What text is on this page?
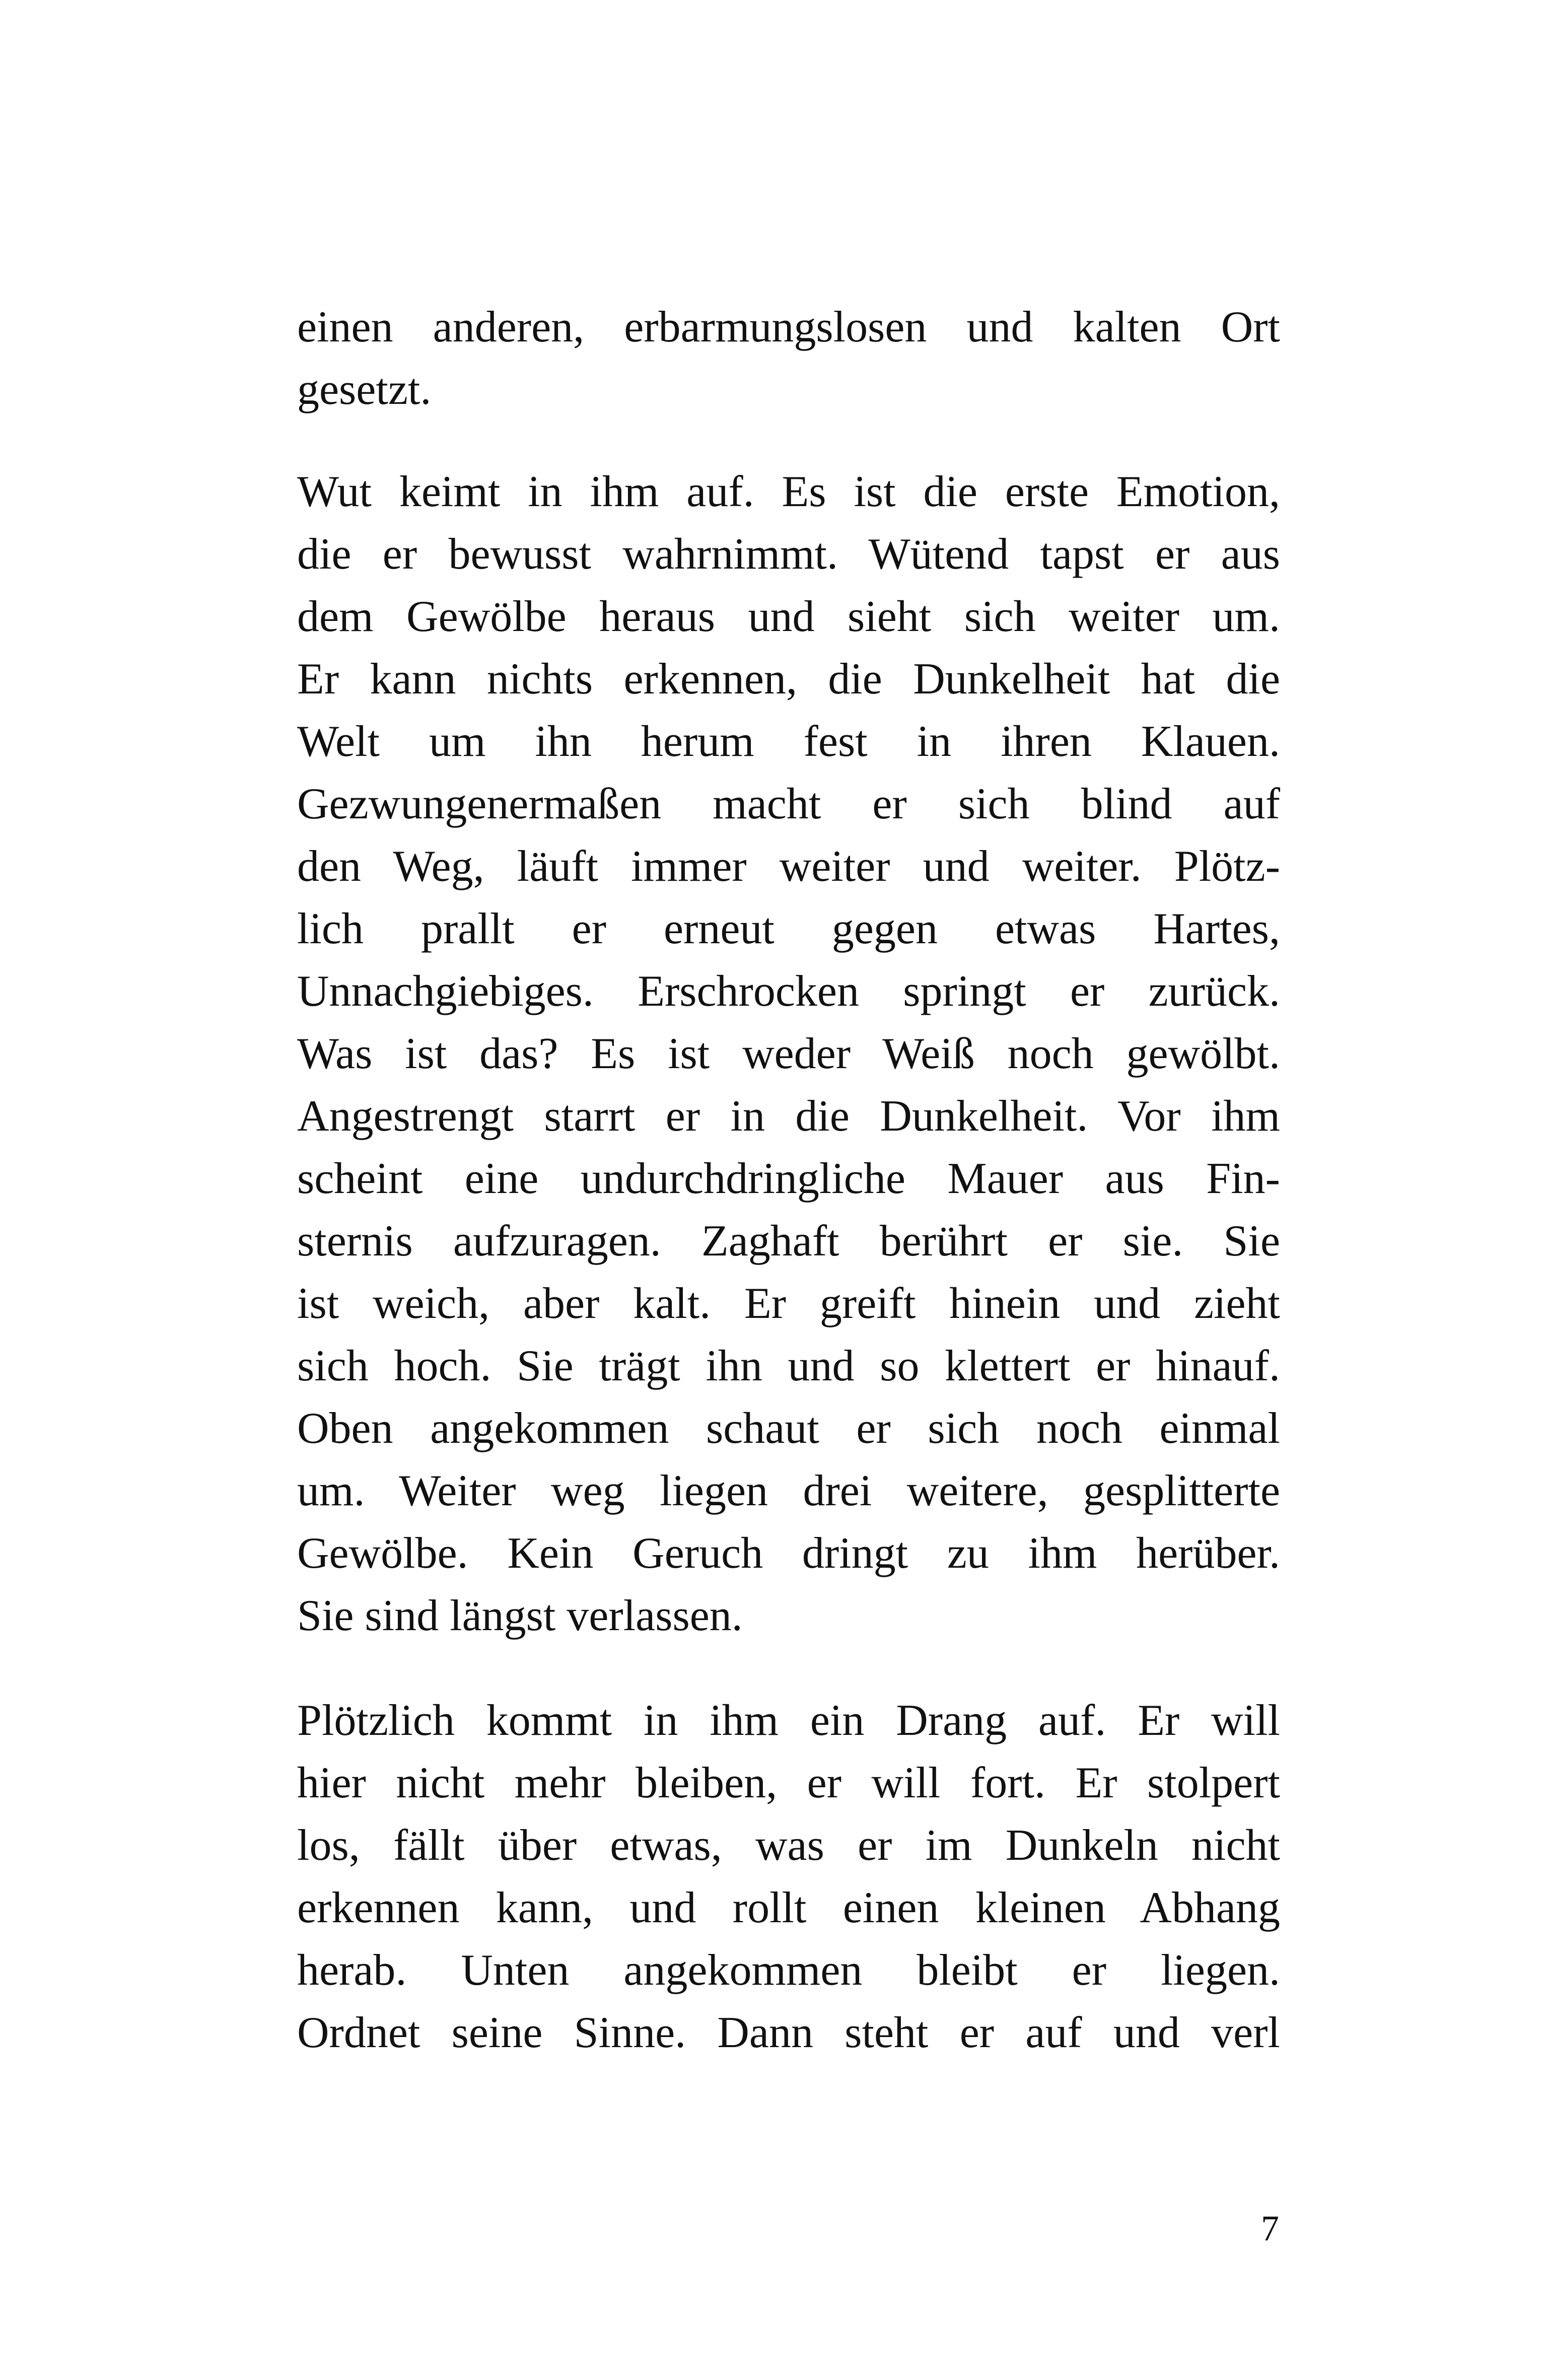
einen anderen, erbarmungslosen und kalten Ort
gesetzt.
Wut keimt in ihm auf. Es ist die erste Emotion,
die er bewusst wahrnimmt. Wütend tapst er aus
dem Gewölbe heraus und sieht sich weiter um.
Er kann nichts erkennen, die Dunkelheit hat die
Welt um ihn herum fest in ihren Klauen.
Gezwungenermaßen macht er sich blind auf
den Weg, läuft immer weiter und weiter. Plötz-
lich prallt er erneut gegen etwas Hartes,
Unnachgiebiges. Erschrocken springt er zurück.
Was ist das? Es ist weder Weiß noch gewölbt.
Angestrengt starrt er in die Dunkelheit. Vor ihm
scheint eine undurchdringliche Mauer aus Fin-
sternis aufzuragen. Zaghaft berührt er sie. Sie
ist weich, aber kalt. Er greift hinein und zieht
sich hoch. Sie trägt ihn und so klettert er hinauf.
Oben angekommen schaut er sich noch einmal
um. Weiter weg liegen drei weitere, gesplitterte
Gewölbe. Kein Geruch dringt zu ihm herüber.
Sie sind längst verlassen.
Plötzlich kommt in ihm ein Drang auf. Er will
hier nicht mehr bleiben, er will fort. Er stolpert
los, fällt über etwas, was er im Dunkeln nicht
erkennen kann, und rollt einen kleinen Abhang
herab. Unten angekommen bleibt er liegen.
Ordnet seine Sinne. Dann steht er auf und verl
7
